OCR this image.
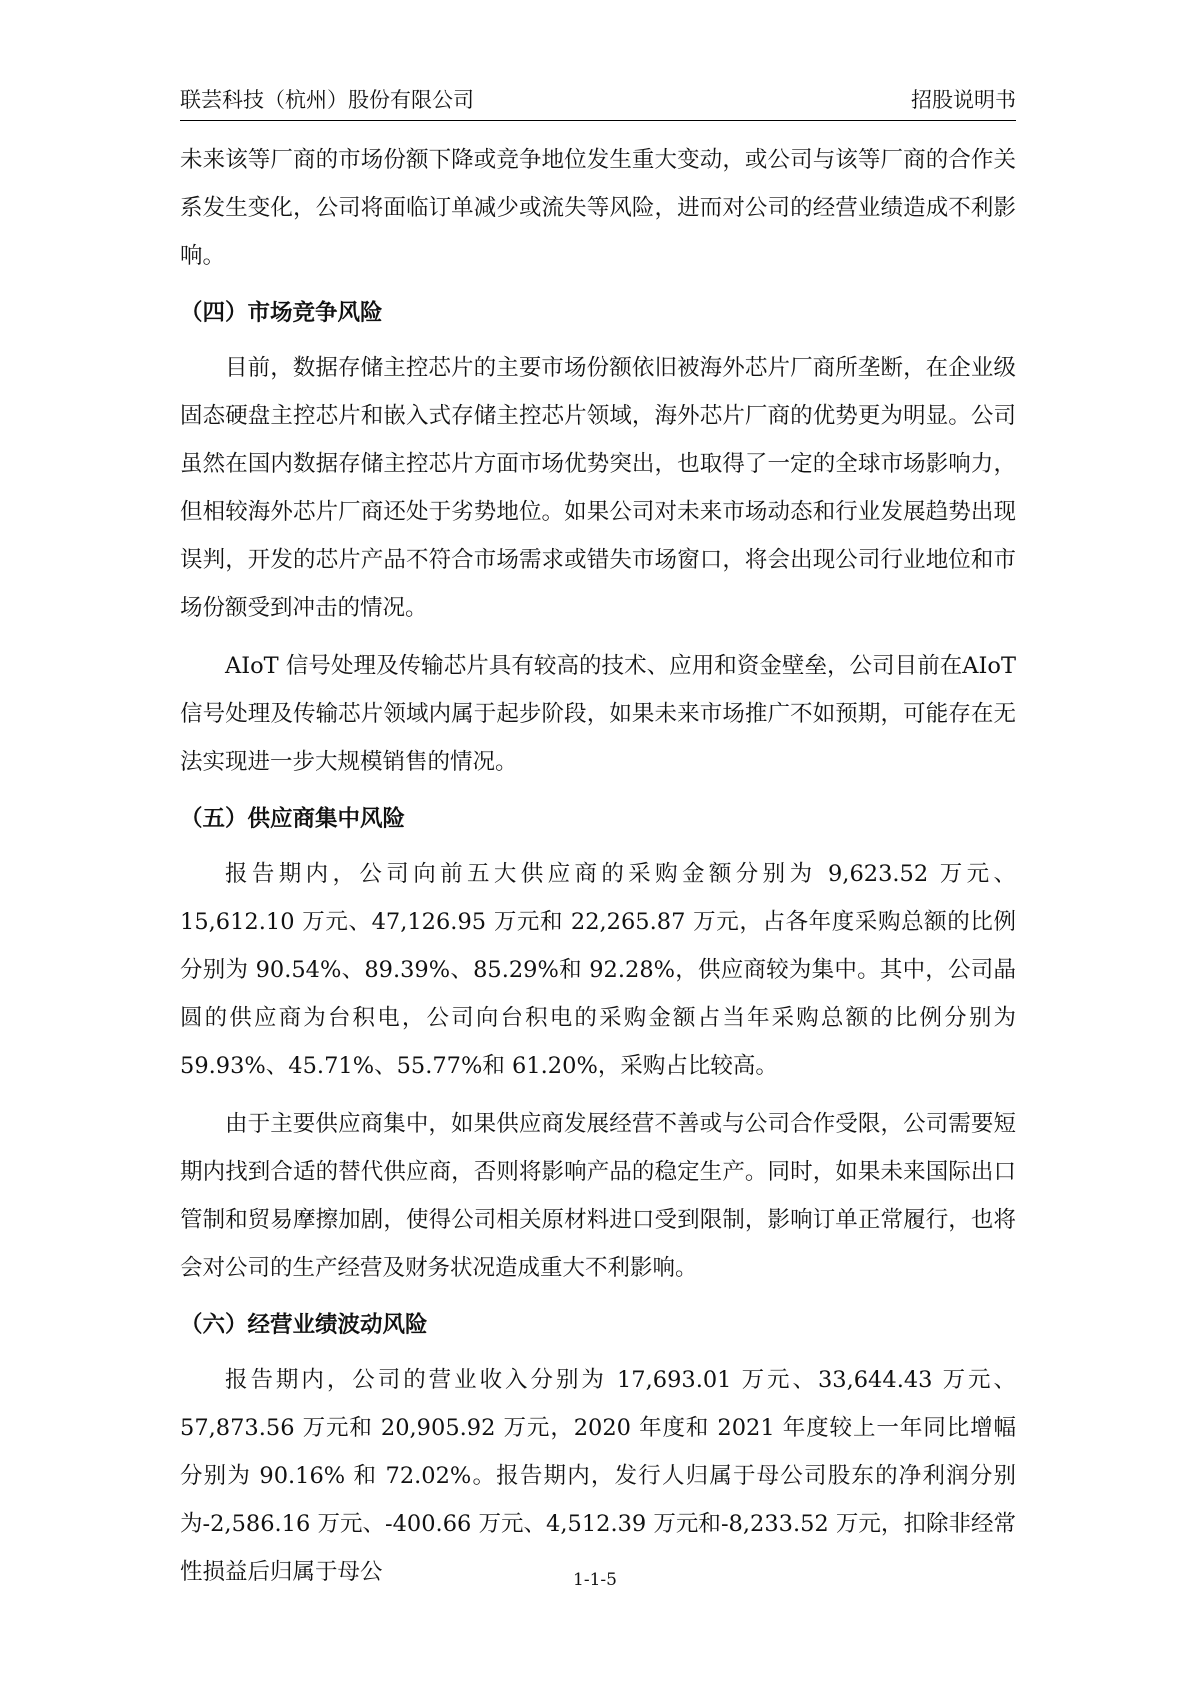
联芸科技（杭州）股份有限公司	招股说明书

未来该等厂商的市场份额下降或竞争地位发生重大变动，或公司与该等厂商的合作关系发生变化，公司将面临订单减少或流失等风险，进而对公司的经营业绩造成不利影响。

（四）市场竞争风险

目前，数据存储主控芯片的主要市场份额依旧被海外芯片厂商所垄断，在企业级固态硬盘主控芯片和嵌入式存储主控芯片领域，海外芯片厂商的优势更为明显。公司虽然在国内数据存储主控芯片方面市场优势突出，也取得了一定的全球市场影响力，但相较海外芯片厂商还处于劣势地位。如果公司对未来市场动态和行业发展趋势出现误判，开发的芯片产品不符合市场需求或错失市场窗口，将会出现公司行业地位和市场份额受到冲击的情况。

AIoT 信号处理及传输芯片具有较高的技术、应用和资金壁垒，公司目前在AIoT 信号处理及传输芯片领域内属于起步阶段，如果未来市场推广不如预期，可能存在无法实现进一步大规模销售的情况。

（五）供应商集中风险

报告期内，公司向前五大供应商的采购金额分别为 9,623.52 万元、15,612.10 万元、47,126.95 万元和 22,265.87 万元，占各年度采购总额的比例分别为 90.54%、89.39%、85.29%和 92.28%，供应商较为集中。其中，公司晶圆的供应商为台积电，公司向台积电的采购金额占当年采购总额的比例分别为 59.93%、45.71%、55.77%和 61.20%，采购占比较高。

由于主要供应商集中，如果供应商发展经营不善或与公司合作受限，公司需要短期内找到合适的替代供应商，否则将影响产品的稳定生产。同时，如果未来国际出口管制和贸易摩擦加剧，使得公司相关原材料进口受到限制，影响订单正常履行，也将会对公司的生产经营及财务状况造成重大不利影响。

（六）经营业绩波动风险

报告期内，公司的营业收入分别为 17,693.01 万元、33,644.43 万元、57,873.56 万元和 20,905.92 万元，2020 年度和 2021 年度较上一年同比增幅分别为 90.16% 和 72.02%。报告期内，发行人归属于母公司股东的净利润分别为-2,586.16 万元、-400.66 万元、4,512.39 万元和-8,233.52 万元，扣除非经常性损益后归属于母公	1-1-5
